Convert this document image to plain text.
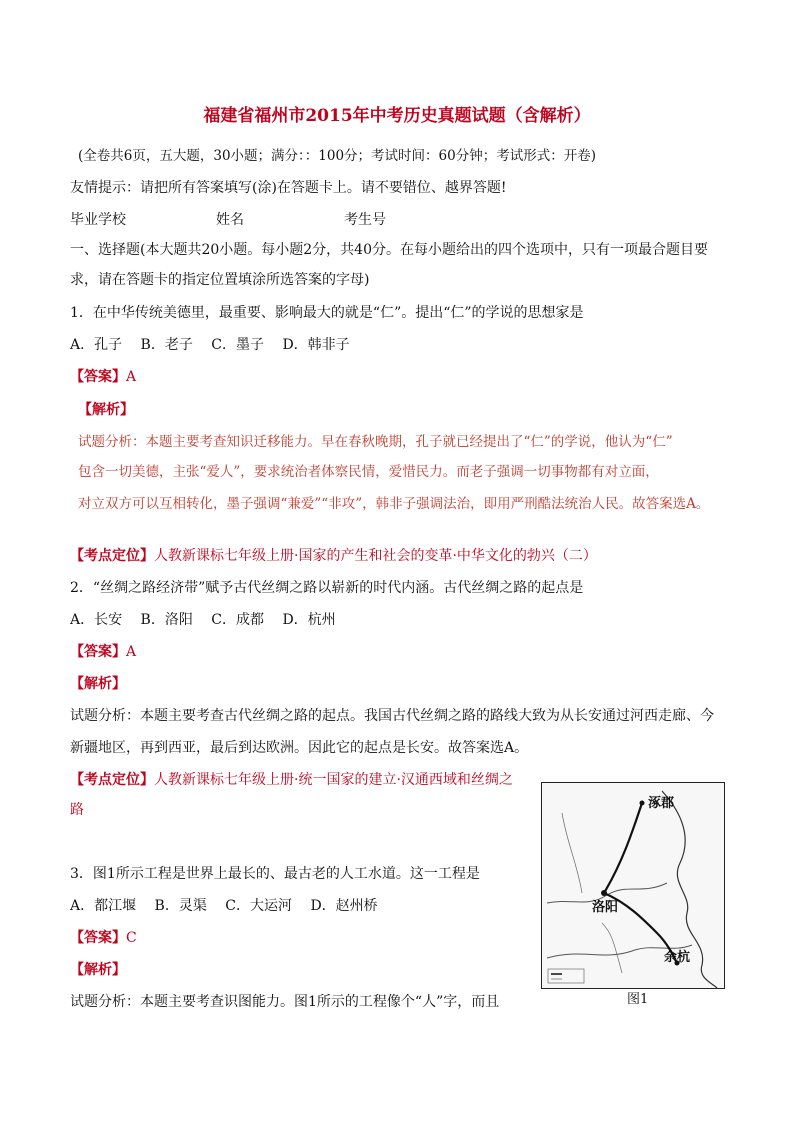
福建省福州市2015年中考历史真题试题（含解析）
(全卷共6页，五大题，30小题；满分：：100分；考试时间：60分钟；考试形式：开卷)
友情提示：请把所有答案填写(涂)在答题卡上。请不要错位、越界答题!
毕业学校	姓名	考生号
一、选择题(本大题共20小题。每小题2分，共40分。在每小题给出的四个选项中，只有一项最合题目要
求，请在答题卡的指定位置填涂所选答案的字母)
1．在中华传统美德里，最重要、影响最大的就是“仁”。提出“仁”的学说的思想家是
A．孔子　 B．老子　 C．墨子　 D．韩非子
【答案】A
【解析】
试题分析：本题主要考查知识迁移能力。早在春秋晚期，孔子就已经提出了“仁”的学说，他认为“仁”
包含一切美德，主张“爱人”，要求统治者体察民情，爱惜民力。而老子强调一切事物都有对立面，
对立双方可以互相转化，墨子强调“兼爱”“非攻”，韩非子强调法治，即用严刑酷法统治人民。故答案选A。
【考点定位】人教新课标七年级上册·国家的产生和社会的变革·中华文化的勃兴（二）
2．“丝绸之路经济带”赋予古代丝绸之路以崭新的时代内涵。古代丝绸之路的起点是
A．长安　 B．洛阳　 C．成都　 D．杭州
【答案】A
【解析】
试题分析：本题主要考查古代丝绸之路的起点。我国古代丝绸之路的路线大致为从长安通过河西走廊、今
新疆地区，再到西亚，最后到达欧洲。因此它的起点是长安。故答案选A。
【考点定位】人教新课标七年级上册·统一国家的建立·汉通西域和丝绸之
路
3．图1所示工程是世界上最长的、最古老的人工水道。这一工程是
A．都江堰　 B．灵渠　 C．大运河　 D．赵州桥
【答案】C
【解析】
试题分析：本题主要考查识图能力。图1所示的工程像个“人”字，而且
涿郡
洛阳
余杭
图1
